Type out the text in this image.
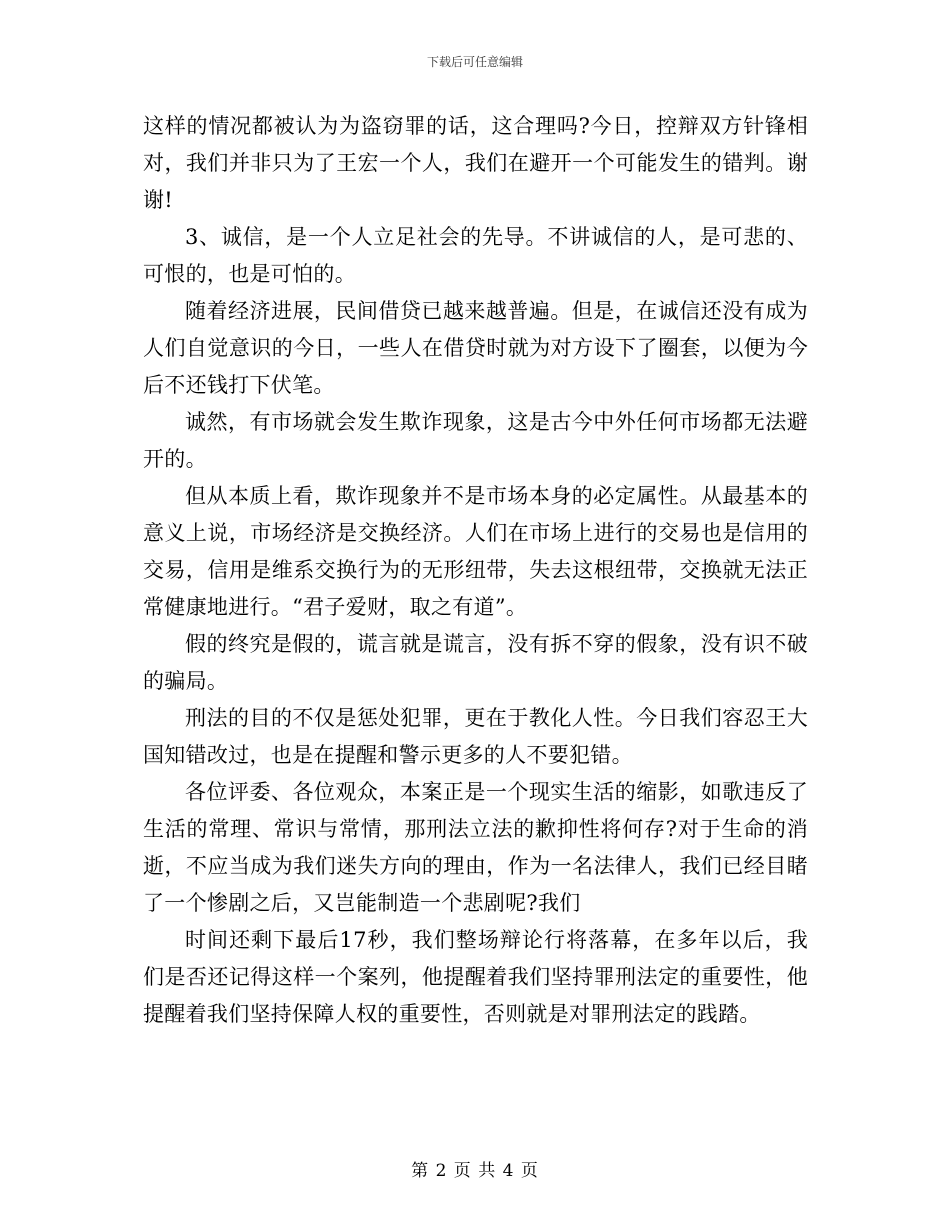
下载后可任意编辑

这样的情况都被认为为盗窃罪的话，这合理吗?今日，控辩双方针锋相对，我们并非只为了王宏一个人，我们在避开一个可能发生的错判。谢谢!

3、诚信，是一个人立足社会的先导。不讲诚信的人，是可悲的、可恨的，也是可怕的。

随着经济进展，民间借贷已越来越普遍。但是，在诚信还没有成为人们自觉意识的今日，一些人在借贷时就为对方设下了圈套，以便为今后不还钱打下伏笔。

诚然，有市场就会发生欺诈现象，这是古今中外任何市场都无法避开的。

但从本质上看，欺诈现象并不是市场本身的必定属性。从最基本的意义上说，市场经济是交换经济。人们在市场上进行的交易也是信用的交易，信用是维系交换行为的无形纽带，失去这根纽带，交换就无法正常健康地进行。“君子爱财，取之有道”。

假的终究是假的，谎言就是谎言，没有拆不穿的假象，没有识不破的骗局。

刑法的目的不仅是惩处犯罪，更在于教化人性。今日我们容忍王大国知错改过，也是在提醒和警示更多的人不要犯错。

各位评委、各位观众，本案正是一个现实生活的缩影，如歌违反了生活的常理、常识与常情，那刑法立法的歉抑性将何存?对于生命的消逝，不应当成为我们迷失方向的理由，作为一名法律人，我们已经目睹了一个惨剧之后，又岂能制造一个悲剧呢?我们

时间还剩下最后17秒，我们整场辩论行将落幕，在多年以后，我们是否还记得这样一个案列，他提醒着我们坚持罪刑法定的重要性，他提醒着我们坚持保障人权的重要性，否则就是对罪刑法定的践踏。

第 2 页 共 4 页
